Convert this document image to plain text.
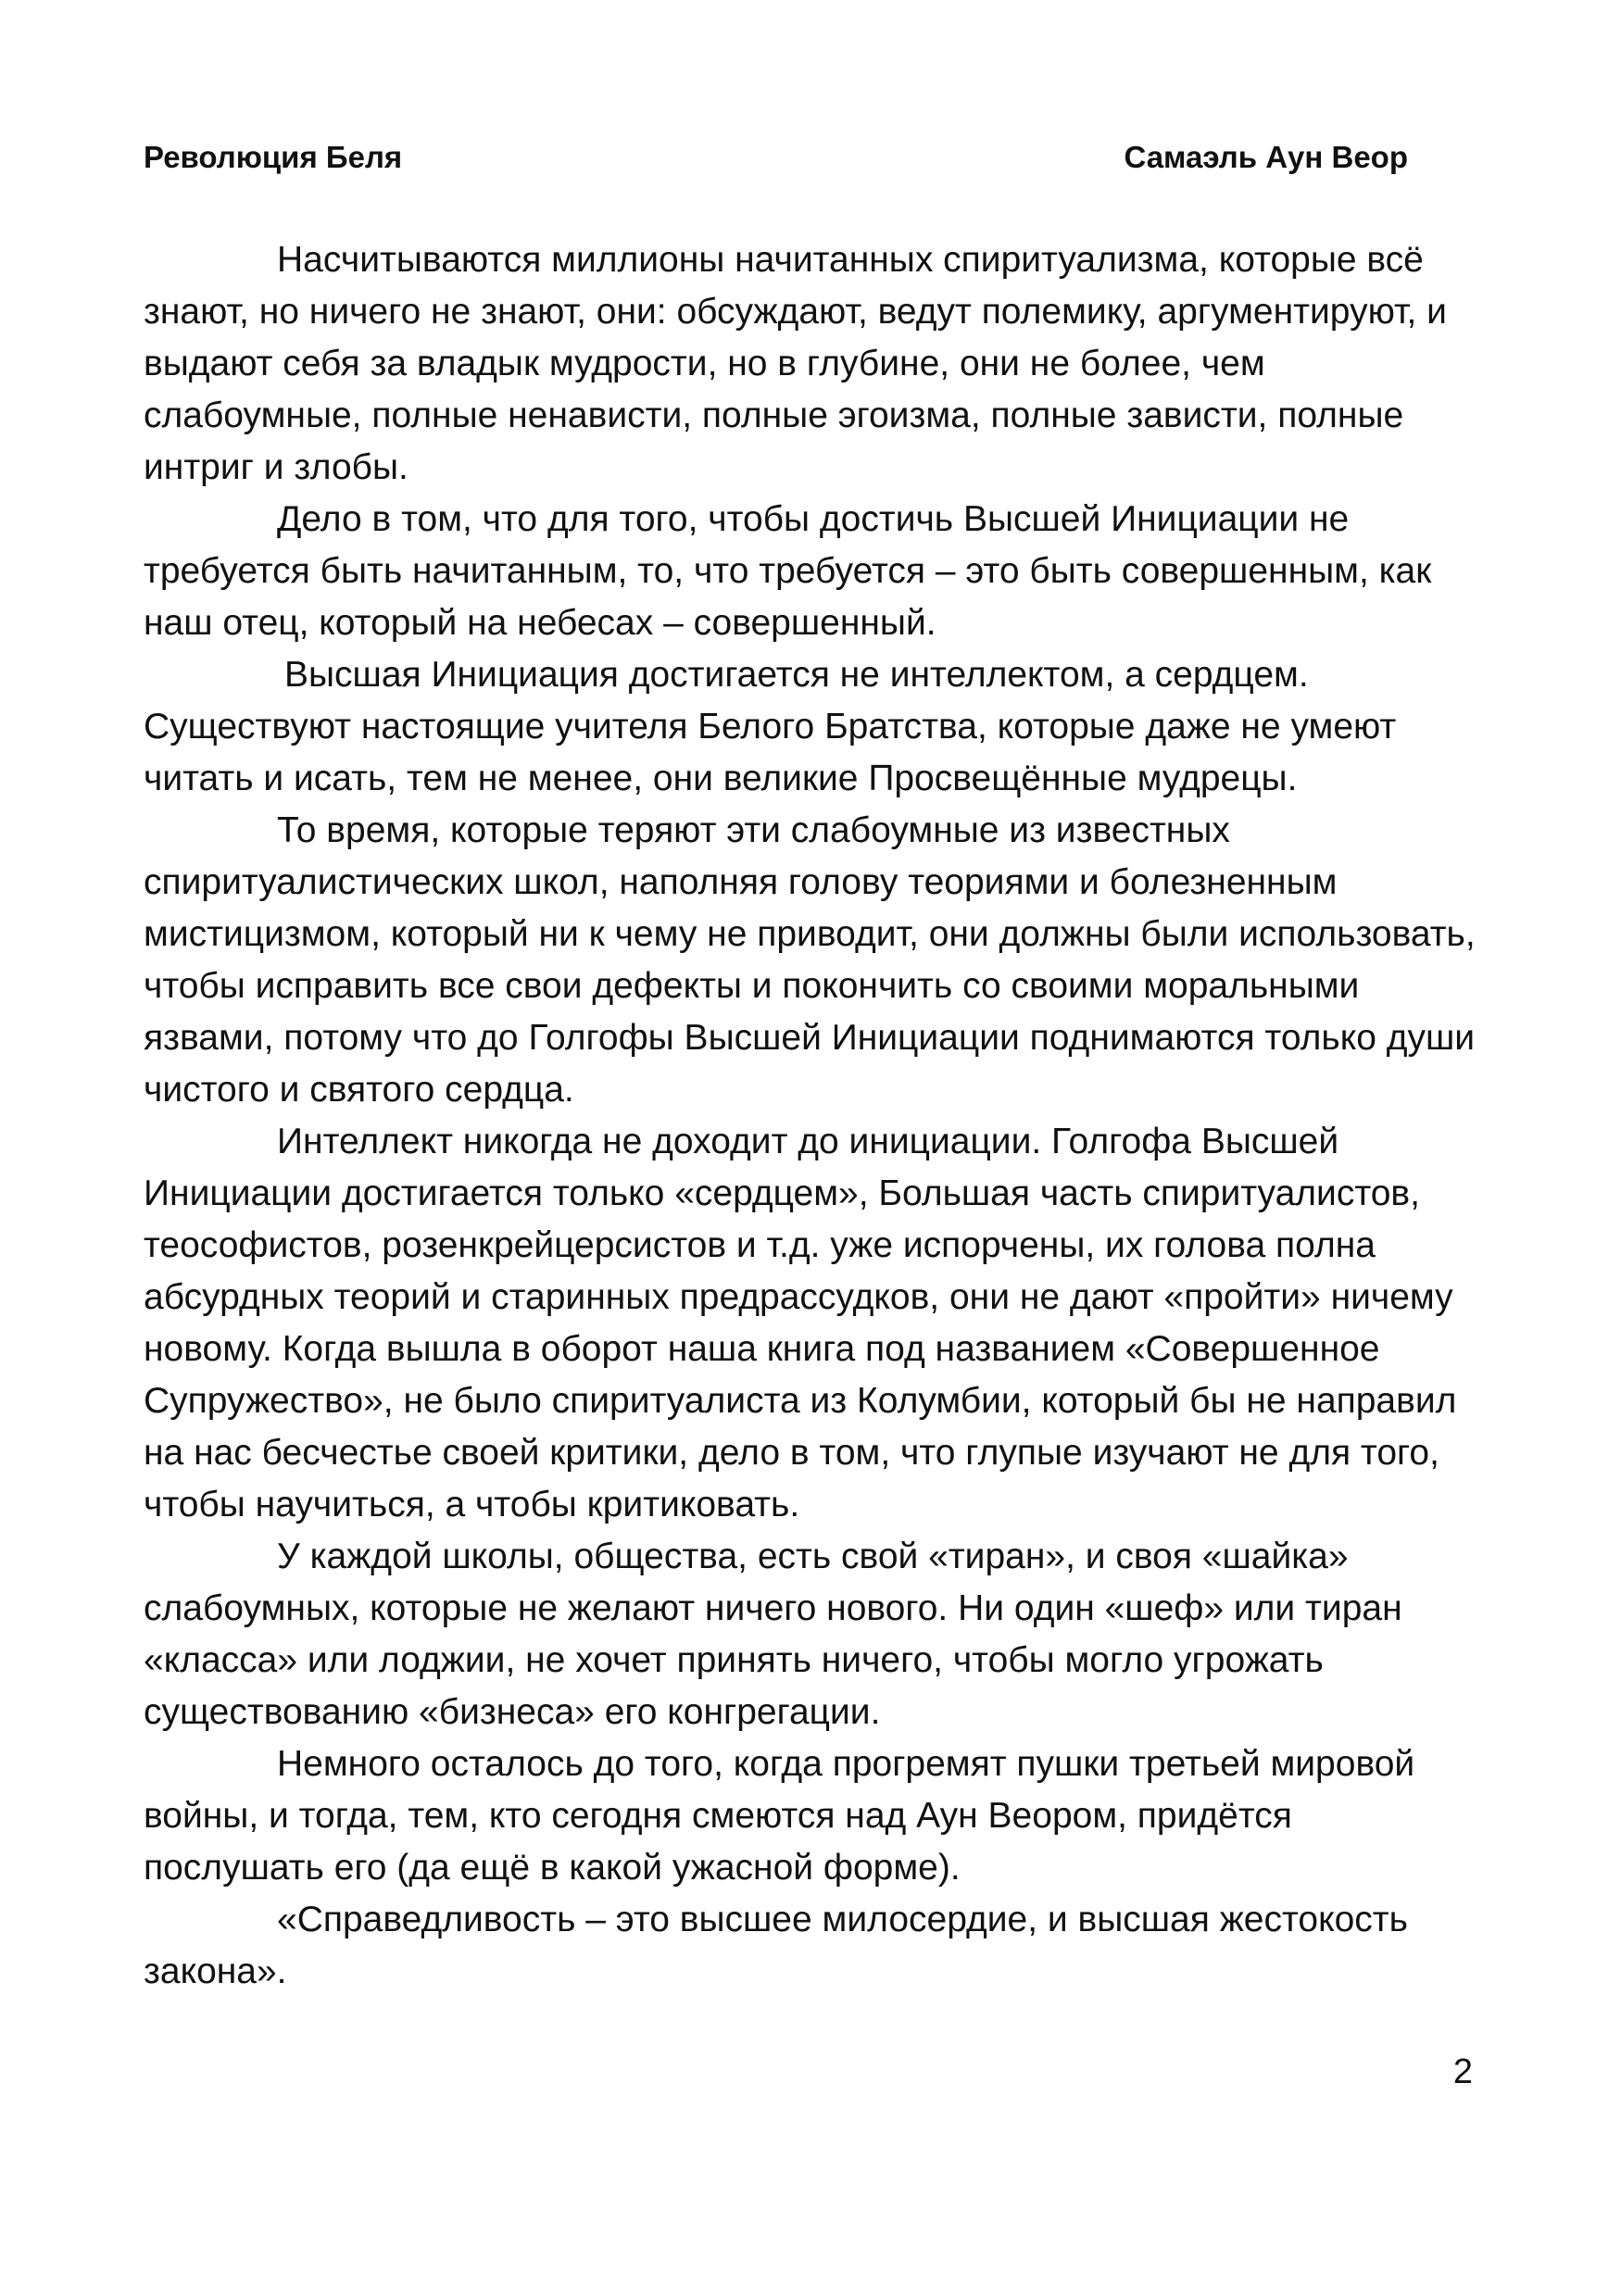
Революция Беля	Самаэль Аун Веор

Насчитываются миллионы начитанных спиритуализма, которые всё знают, но ничего не знают, они: обсуждают, ведут полемику, аргументируют, и выдают себя за владык мудрости, но в глубине, они не более, чем слабоумные, полные ненависти, полные эгоизма, полные зависти, полные интриг и злобы.

Дело в том, что для того, чтобы достичь Высшей Инициации не требуется быть начитанным, то, что требуется – это быть совершенным, как наш отец, который на небесах – совершенный.

Высшая Инициация достигается не интеллектом, а сердцем. Существуют настоящие учителя Белого Братства, которые даже не умеют читать и исать, тем не менее, они великие Просвещённые мудрецы.

То время, которые теряют эти слабоумные из известных спиритуалистических школ, наполняя голову теориями и болезненным мистицизмом, который ни к чему не приводит, они должны были использовать, чтобы исправить все свои дефекты и покончить со своими моральными язвами, потому что до Голгофы Высшей Инициации поднимаются только души чистого и святого сердца.

Интеллект никогда не доходит до инициации. Голгофа Высшей Инициации достигается только «сердцем», Большая часть спиритуалистов, теософистов, розенкрейцерсистов и т.д. уже испорчены, их голова полна абсурдных теорий и старинных предрассудков, они не дают «пройти» ничему новому. Когда вышла в оборот наша книга под названием «Совершенное Супружество», не было спиритуалиста из Колумбии, который бы не направил на нас бесчестье своей критики, дело в том, что глупые изучают не для того, чтобы научиться, а чтобы критиковать.

У каждой школы, общества, есть свой «тиран», и своя «шайка» слабоумных, которые не желают ничего нового. Ни один «шеф» или тиран «класса» или лоджии, не хочет принять ничего, чтобы могло угрожать существованию «бизнеса» его конгрегации.

Немного осталось до того, когда прогремят пушки третьей мировой войны, и тогда, тем, кто сегодня смеются над Аун Веором, придётся послушать его (да ещё в какой ужасной форме).

«Справедливость – это высшее милосердие, и высшая жестокость закона».

2
